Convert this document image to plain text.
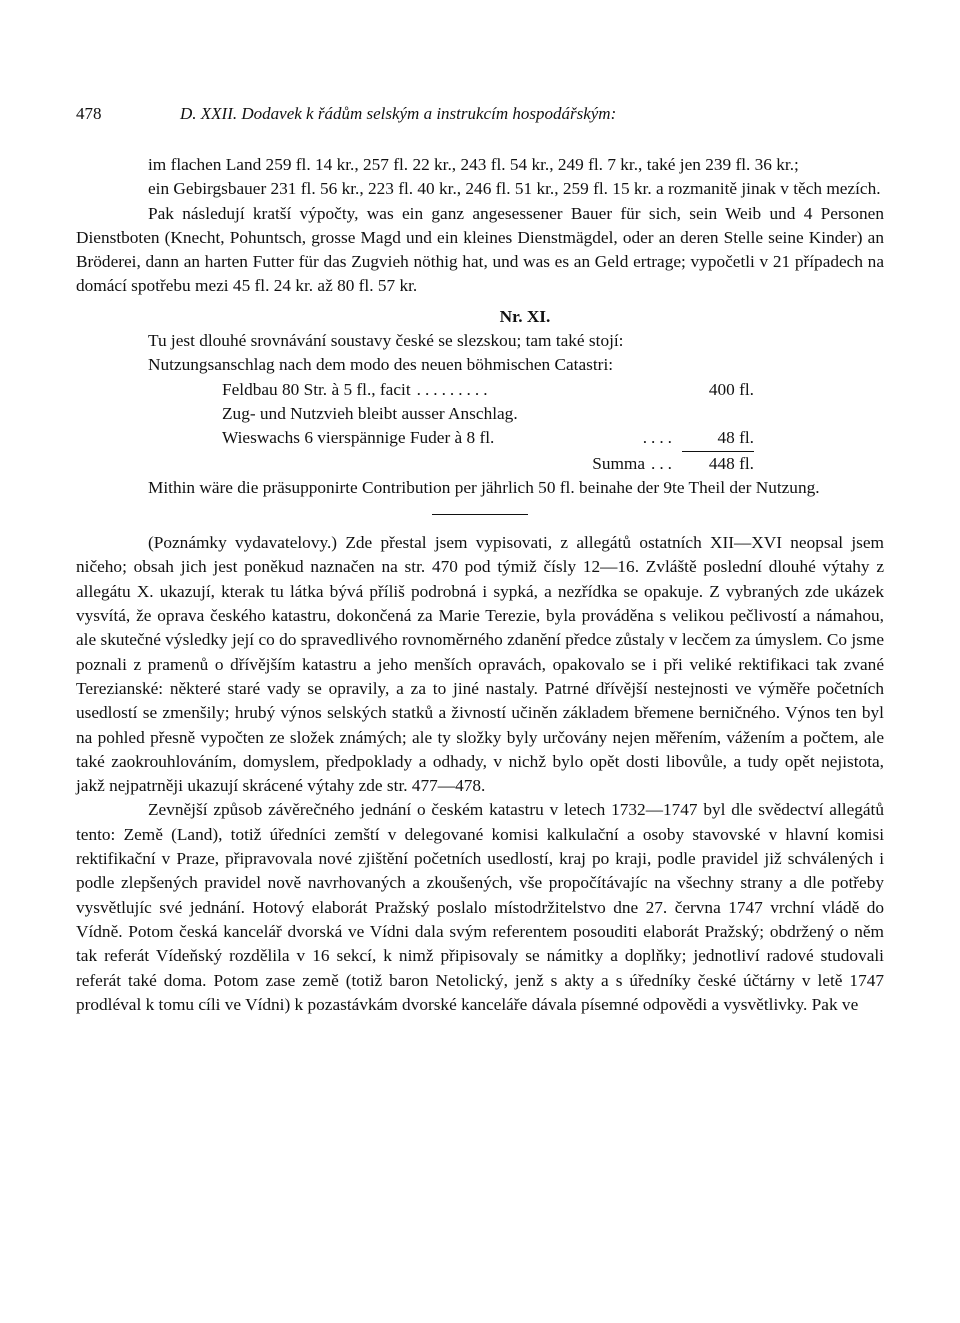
478	D. XXII. Dodavek k řádům selským a instrukcím hospodářským:

im flachen Land 259 fl. 14 kr., 257 fl. 22 kr., 243 fl. 54 kr., 249 fl. 7 kr., také jen 239 fl. 36 kr.;

ein Gebirgsbauer 231 fl. 56 kr., 223 fl. 40 kr., 246 fl. 51 kr., 259 fl. 15 kr. a rozmanitě jinak v těch mezích.

Pak následují kratší výpočty, was ein ganz angesessener Bauer für sich, sein Weib und 4 Personen Dienstboten (Knecht, Pohuntsch, grosse Magd und ein kleines Dienstmägdel, oder an deren Stelle seine Kinder) an Bröderei, dann an harten Futter für das Zugvieh nöthig hat, und was es an Geld ertrage; vypočetli v 21 případech na domácí spotřebu mezi 45 fl. 24 kr. až 80 fl. 57 kr.

Nr. XI.

Tu jest dlouhé srovnávání soustavy české se slezskou; tam také stojí:

Nutzungsanschlag nach dem modo des neuen böhmischen Catastri:

Feldbau 80 Str. à 5 fl., facit .........	400 fl.
Zug- und Nutzvieh bleibt ausser Anschlag.
Wieswachs 6 vierspännige Fuder à 8 fl.	....	48 fl.
Summa ...	448 fl.

Mithin wäre die präsupponirte Contribution per jährlich 50 fl. beinahe der 9te Theil der Nutzung.

(Poznámky vydavatelovy.) Zde přestal jsem vypisovati, z allegátů ostatních XII—XVI neopsal jsem ničeho; obsah jich jest poněkud naznačen na str. 470 pod týmiž čísly 12—16. Zvláště poslední dlouhé výtahy z allegátu X. ukazují, kterak tu látka bývá příliš podrobná i sypká, a nezřídka se opakuje. Z vybraných zde ukázek vysvítá, že oprava českého katastru, dokončená za Marie Terezie, byla prováděna s velikou pečlivostí a námahou, ale skutečné výsledky její co do spravedlivého rovnoměrného zdanění předce zůstaly v lecčem za úmyslem. Co jsme poznali z pramenů o dřívějším katastru a jeho menších opravách, opakovalo se i při veliké rektifikaci tak zvané Terezianské: některé staré vady se opravily, a za to jiné nastaly. Patrné dřívější nestejnosti ve výměře početních usedlostí se zmenšily; hrubý výnos selských statků a živností učiněn základem břemene berničného. Výnos ten byl na pohled přesně vypočten ze složek známých; ale ty složky byly určovány nejen měřením, vážením a počtem, ale také zaokrouhlováním, domyslem, předpoklady a odhady, v nichž bylo opět dosti libovůle, a tudy opět nejistota, jakž nejpatrněji ukazují skrácené výtahy zde str. 477—478.

Zevnější způsob závěrečného jednání o českém katastru v letech 1732—1747 byl dle svědectví allegátů tento: Země (Land), totiž úředníci zemští v delegované komisi kalkulační a osoby stavovské v hlavní komisi rektifikační v Praze, připravovala nové zjištění početních usedlostí, kraj po kraji, podle pravidel již schválených i podle zlepšených pravidel nově navrhovaných a zkoušených, vše propočítávajíc na všechny strany a dle potřeby vysvětlujíc své jednání. Hotový elaborát Pražský poslalo místodržitelstvo dne 27. června 1747 vrchní vládě do Vídně. Potom česká kancelář dvorská ve Vídni dala svým referentem posouditi elaborát Pražský; obdržený o něm tak referát Vídeňský rozdělila v 16 sekcí, k nimž připisovaly se námitky a doplňky; jednotliví radové studovali referát také doma. Potom zase země (totiž baron Netolický, jenž s akty a s úředníky české účtárny v letě 1747 prodléval k tomu cíli ve Vídni) k pozastávkám dvorské kanceláře dávala písemné odpovědi a vysvětlivky. Pak ve
